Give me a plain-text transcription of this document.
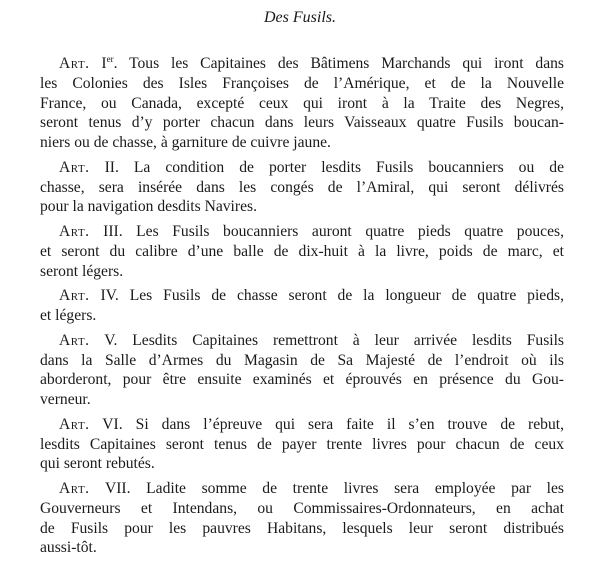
Des Fusils.
Art. Ier. Tous les Capitaines des Bâtimens Marchands qui iront dans
les Colonies des Isles Françoises de l’Amérique, et de la Nouvelle
France, ou Canada, excepté ceux qui iront à la Traite des Negres,
seront tenus d’y porter chacun dans leurs Vaisseaux quatre Fusils boucan-
niers ou de chasse, à garniture de cuivre jaune.
Art. II. La condition de porter lesdits Fusils boucanniers ou de
chasse, sera insérée dans les congés de l’Amiral, qui seront délivrés
pour la navigation desdits Navires.
Art. III. Les Fusils boucanniers auront quatre pieds quatre pouces,
et seront du calibre d’une balle de dix-huit à la livre, poids de marc, et
seront légers.
Art. IV. Les Fusils de chasse seront de la longueur de quatre pieds,
et légers.
Art. V. Lesdits Capitaines remettront à leur arrivée lesdits Fusils
dans la Salle d’Armes du Magasin de Sa Majesté de l’endroit où ils
aborderont, pour être ensuite examinés et éprouvés en présence du Gou-
verneur.
Art. VI. Si dans l’épreuve qui sera faite il s’en trouve de rebut,
lesdits Capitaines seront tenus de payer trente livres pour chacun de ceux
qui seront rebutés.
Art. VII. Ladite somme de trente livres sera employée par les
Gouverneurs et Intendans, ou Commissaires-Ordonnateurs, en achat
de Fusils pour les pauvres Habitans, lesquels leur seront distribués
aussi-tôt.
